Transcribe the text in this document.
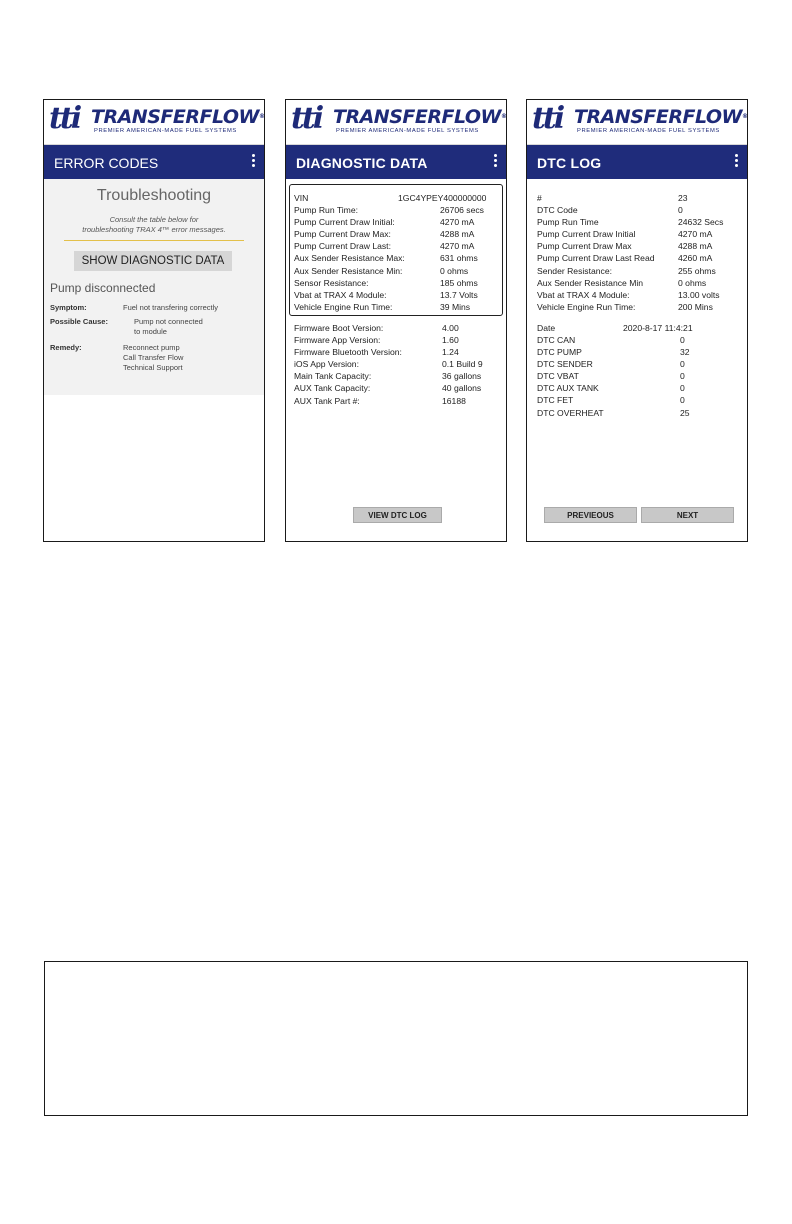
tti TRANSFERFLOW®
PREMIER AMERICAN-MADE FUEL SYSTEMS
ERROR CODES
Troubleshooting
Consult the table below for
troubleshooting TRAX 4™ error messages.
SHOW DIAGNOSTIC DATA
Pump disconnected
Symptom:	Fuel not transfering correctly
Possible Cause:	Pump not connected
to module
Remedy:	Reconnect pump
Call Transfer Flow
Technical Support
tti TRANSFERFLOW®
PREMIER AMERICAN-MADE FUEL SYSTEMS
DIAGNOSTIC DATA
VIN	1GC4YPEY400000000
Pump Run Time:	26706 secs
Pump Current Draw Initial:	4270 mA
Pump Current Draw Max:	4288 mA
Pump Current Draw Last:	4270 mA
Aux Sender Resistance Max:	631 ohms
Aux Sender Resistance Min:	0 ohms
Sensor Resistance:	185 ohms
Vbat at TRAX 4 Module:	13.7 Volts
Vehicle Engine Run Time:	39 Mins
Firmware Boot Version:	4.00
Firmware App Version:	1.60
Firmware Bluetooth Version:	1.24
iOS App Version:	0.1 Build 9
Main Tank Capacity:	36 gallons
AUX Tank Capacity:	40 gallons
AUX Tank Part #:	16188
VIEW DTC LOG
tti TRANSFERFLOW®
PREMIER AMERICAN-MADE FUEL SYSTEMS
DTC LOG
#	23
DTC Code	0
Pump Run Time	24632 Secs
Pump Current Draw Initial	4270 mA
Pump Current Draw Max	4288 mA
Pump Current Draw Last Read	4260 mA
Sender Resistance:	255 ohms
Aux Sender Resistance Min	0 ohms
Vbat at TRAX 4 Module:	13.00 volts
Vehicle Engine Run Time:	200 Mins
Date	2020-8-17 11:4:21
DTC CAN	0
DTC PUMP	32
DTC SENDER	0
DTC VBAT	0
DTC AUX TANK	0
DTC FET	0
DTC OVERHEAT	25
PREVIEOUS	NEXT
